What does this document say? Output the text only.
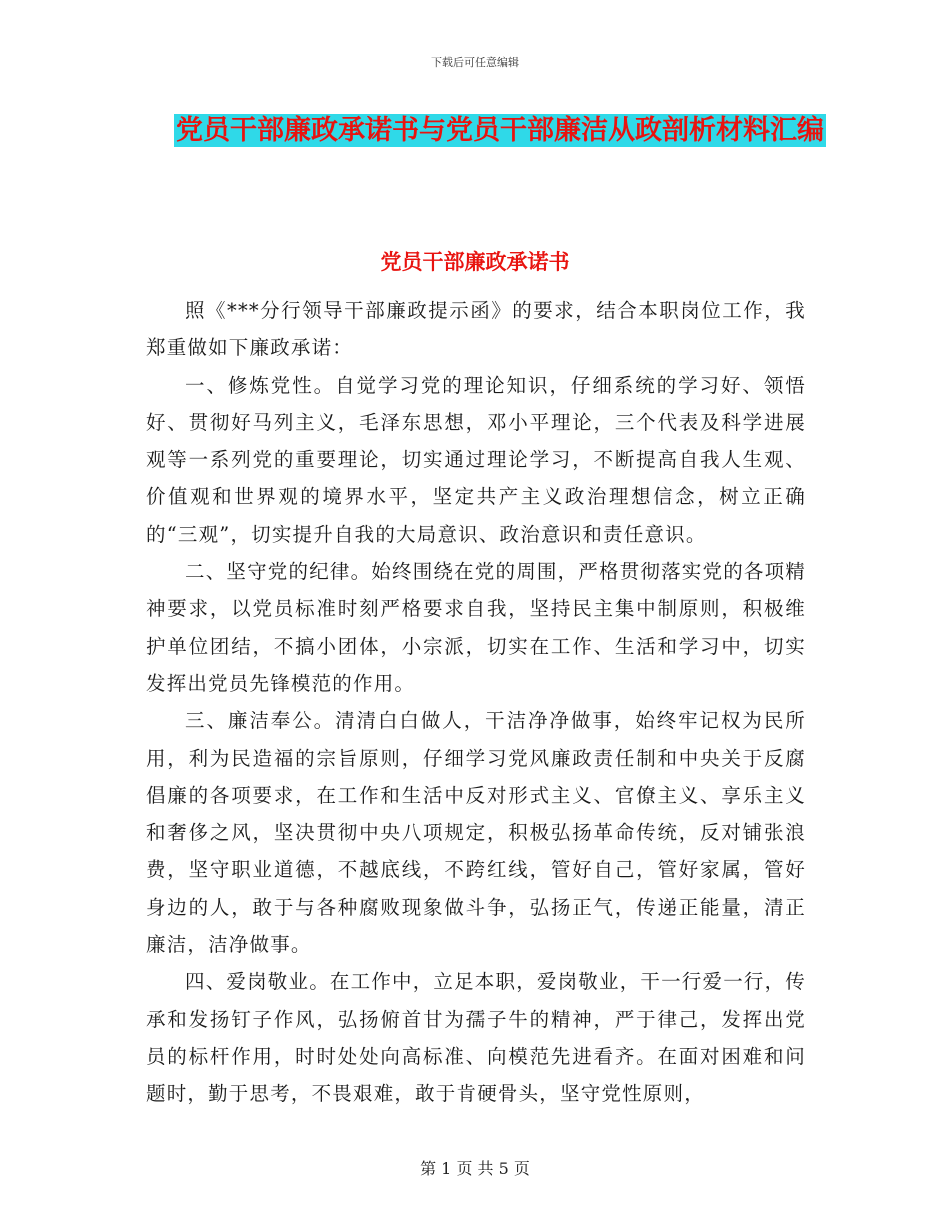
下载后可任意编辑
党员干部廉政承诺书与党员干部廉洁从政剖析材料汇编
党员干部廉政承诺书

照《***分行领导干部廉政提示函》的要求，结合本职岗位工作，我郑重做如下廉政承诺：

一、修炼党性。自觉学习党的理论知识，仔细系统的学习好、领悟好、贯彻好马列主义，毛泽东思想，邓小平理论，三个代表及科学进展观等一系列党的重要理论，切实通过理论学习，不断提高自我人生观、价值观和世界观的境界水平，坚定共产主义政治理想信念，树立正确的“三观”，切实提升自我的大局意识、政治意识和责任意识。

二、坚守党的纪律。始终围绕在党的周围，严格贯彻落实党的各项精神要求，以党员标准时刻严格要求自我，坚持民主集中制原则，积极维护单位团结，不搞小团体，小宗派，切实在工作、生活和学习中，切实发挥出党员先锋模范的作用。

三、廉洁奉公。清清白白做人，干洁净净做事，始终牢记权为民所用，利为民造福的宗旨原则，仔细学习党风廉政责任制和中央关于反腐倡廉的各项要求，在工作和生活中反对形式主义、官僚主义、享乐主义和奢侈之风，坚决贯彻中央八项规定，积极弘扬革命传统，反对铺张浪费，坚守职业道德，不越底线，不跨红线，管好自己，管好家属，管好身边的人，敢于与各种腐败现象做斗争，弘扬正气，传递正能量，清正廉洁，洁净做事。

四、爱岗敬业。在工作中，立足本职，爱岗敬业，干一行爱一行，传承和发扬钉子作风，弘扬俯首甘为孺子牛的精神，严于律己，发挥出党员的标杆作用，时时处处向高标准、向模范先进看齐。在面对困难和问题时，勤于思考，不畏艰难，敢于肯硬骨头，坚守党性原则，

第 1 页 共 5 页
